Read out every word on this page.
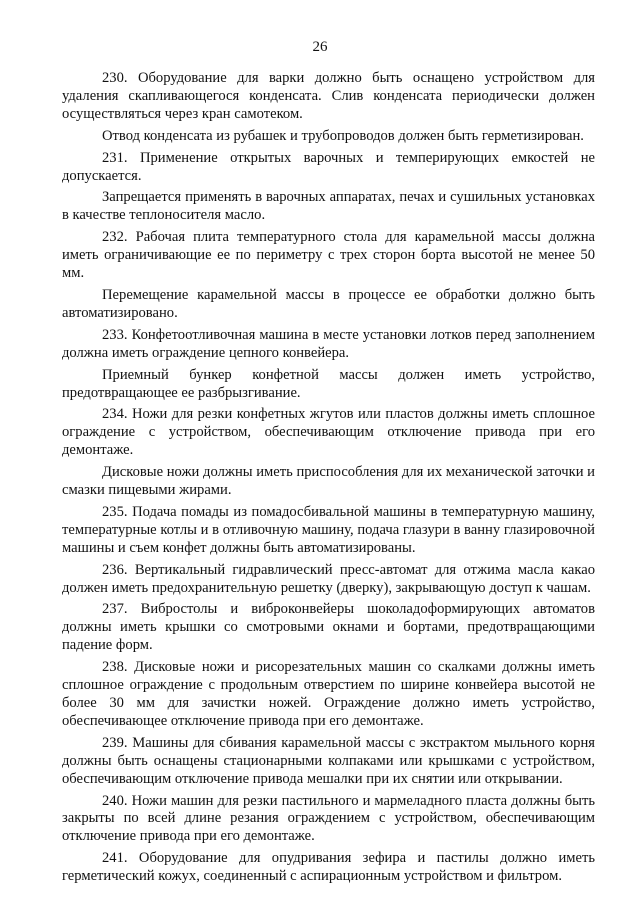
26

230. Оборудование для варки должно быть оснащено устройством для удаления скапливающегося конденсата. Слив конденсата периодически должен осуществляться через кран самотеком.

Отвод конденсата из рубашек и трубопроводов должен быть герметизирован.

231. Применение открытых варочных и темперирующих емкостей не допускается.

Запрещается применять в варочных аппаратах, печах и сушильных установках в качестве теплоносителя масло.

232. Рабочая плита температурного стола для карамельной массы должна иметь ограничивающие ее по периметру с трех сторон борта высотой не менее 50 мм.

Перемещение карамельной массы в процессе ее обработки должно быть автоматизировано.

233. Конфетоотливочная машина в месте установки лотков перед заполнением должна иметь ограждение цепного конвейера.

Приемный бункер конфетной массы должен иметь устройство, предотвращающее ее разбрызгивание.

234. Ножи для резки конфетных жгутов или пластов должны иметь сплошное ограждение с устройством, обеспечивающим отключение привода при его демонтаже.

Дисковые ножи должны иметь приспособления для их механической заточки и смазки пищевыми жирами.

235. Подача помады из помадосбивальной машины в температурную машину, температурные котлы и в отливочную машину, подача глазури в ванну глазировочной машины и съем конфет должны быть автоматизированы.

236. Вертикальный гидравлический пресс-автомат для отжима масла какао должен иметь предохранительную решетку (дверку), закрывающую доступ к чашам.

237. Вибростолы и виброконвейеры шоколадоформирующих автоматов должны иметь крышки со смотровыми окнами и бортами, предотвращающими падение форм.

238. Дисковые ножи и рисорезательных машин со скалками должны иметь сплошное ограждение с продольным отверстием по ширине конвейера высотой не более 30 мм для зачистки ножей. Ограждение должно иметь устройство, обеспечивающее отключение привода при его демонтаже.

239. Машины для сбивания карамельной массы с экстрактом мыльного корня должны быть оснащены стационарными колпаками или крышками с устройством, обеспечивающим отключение привода мешалки при их снятии или открывании.

240. Ножи машин для резки пастильного и мармеладного пласта должны быть закрыты по всей длине резания ограждением с устройством, обеспечивающим отключение привода при его демонтаже.

241. Оборудование для опудривания зефира и пастилы должно иметь герметический кожух, соединенный с аспирационным устройством и фильтром.
